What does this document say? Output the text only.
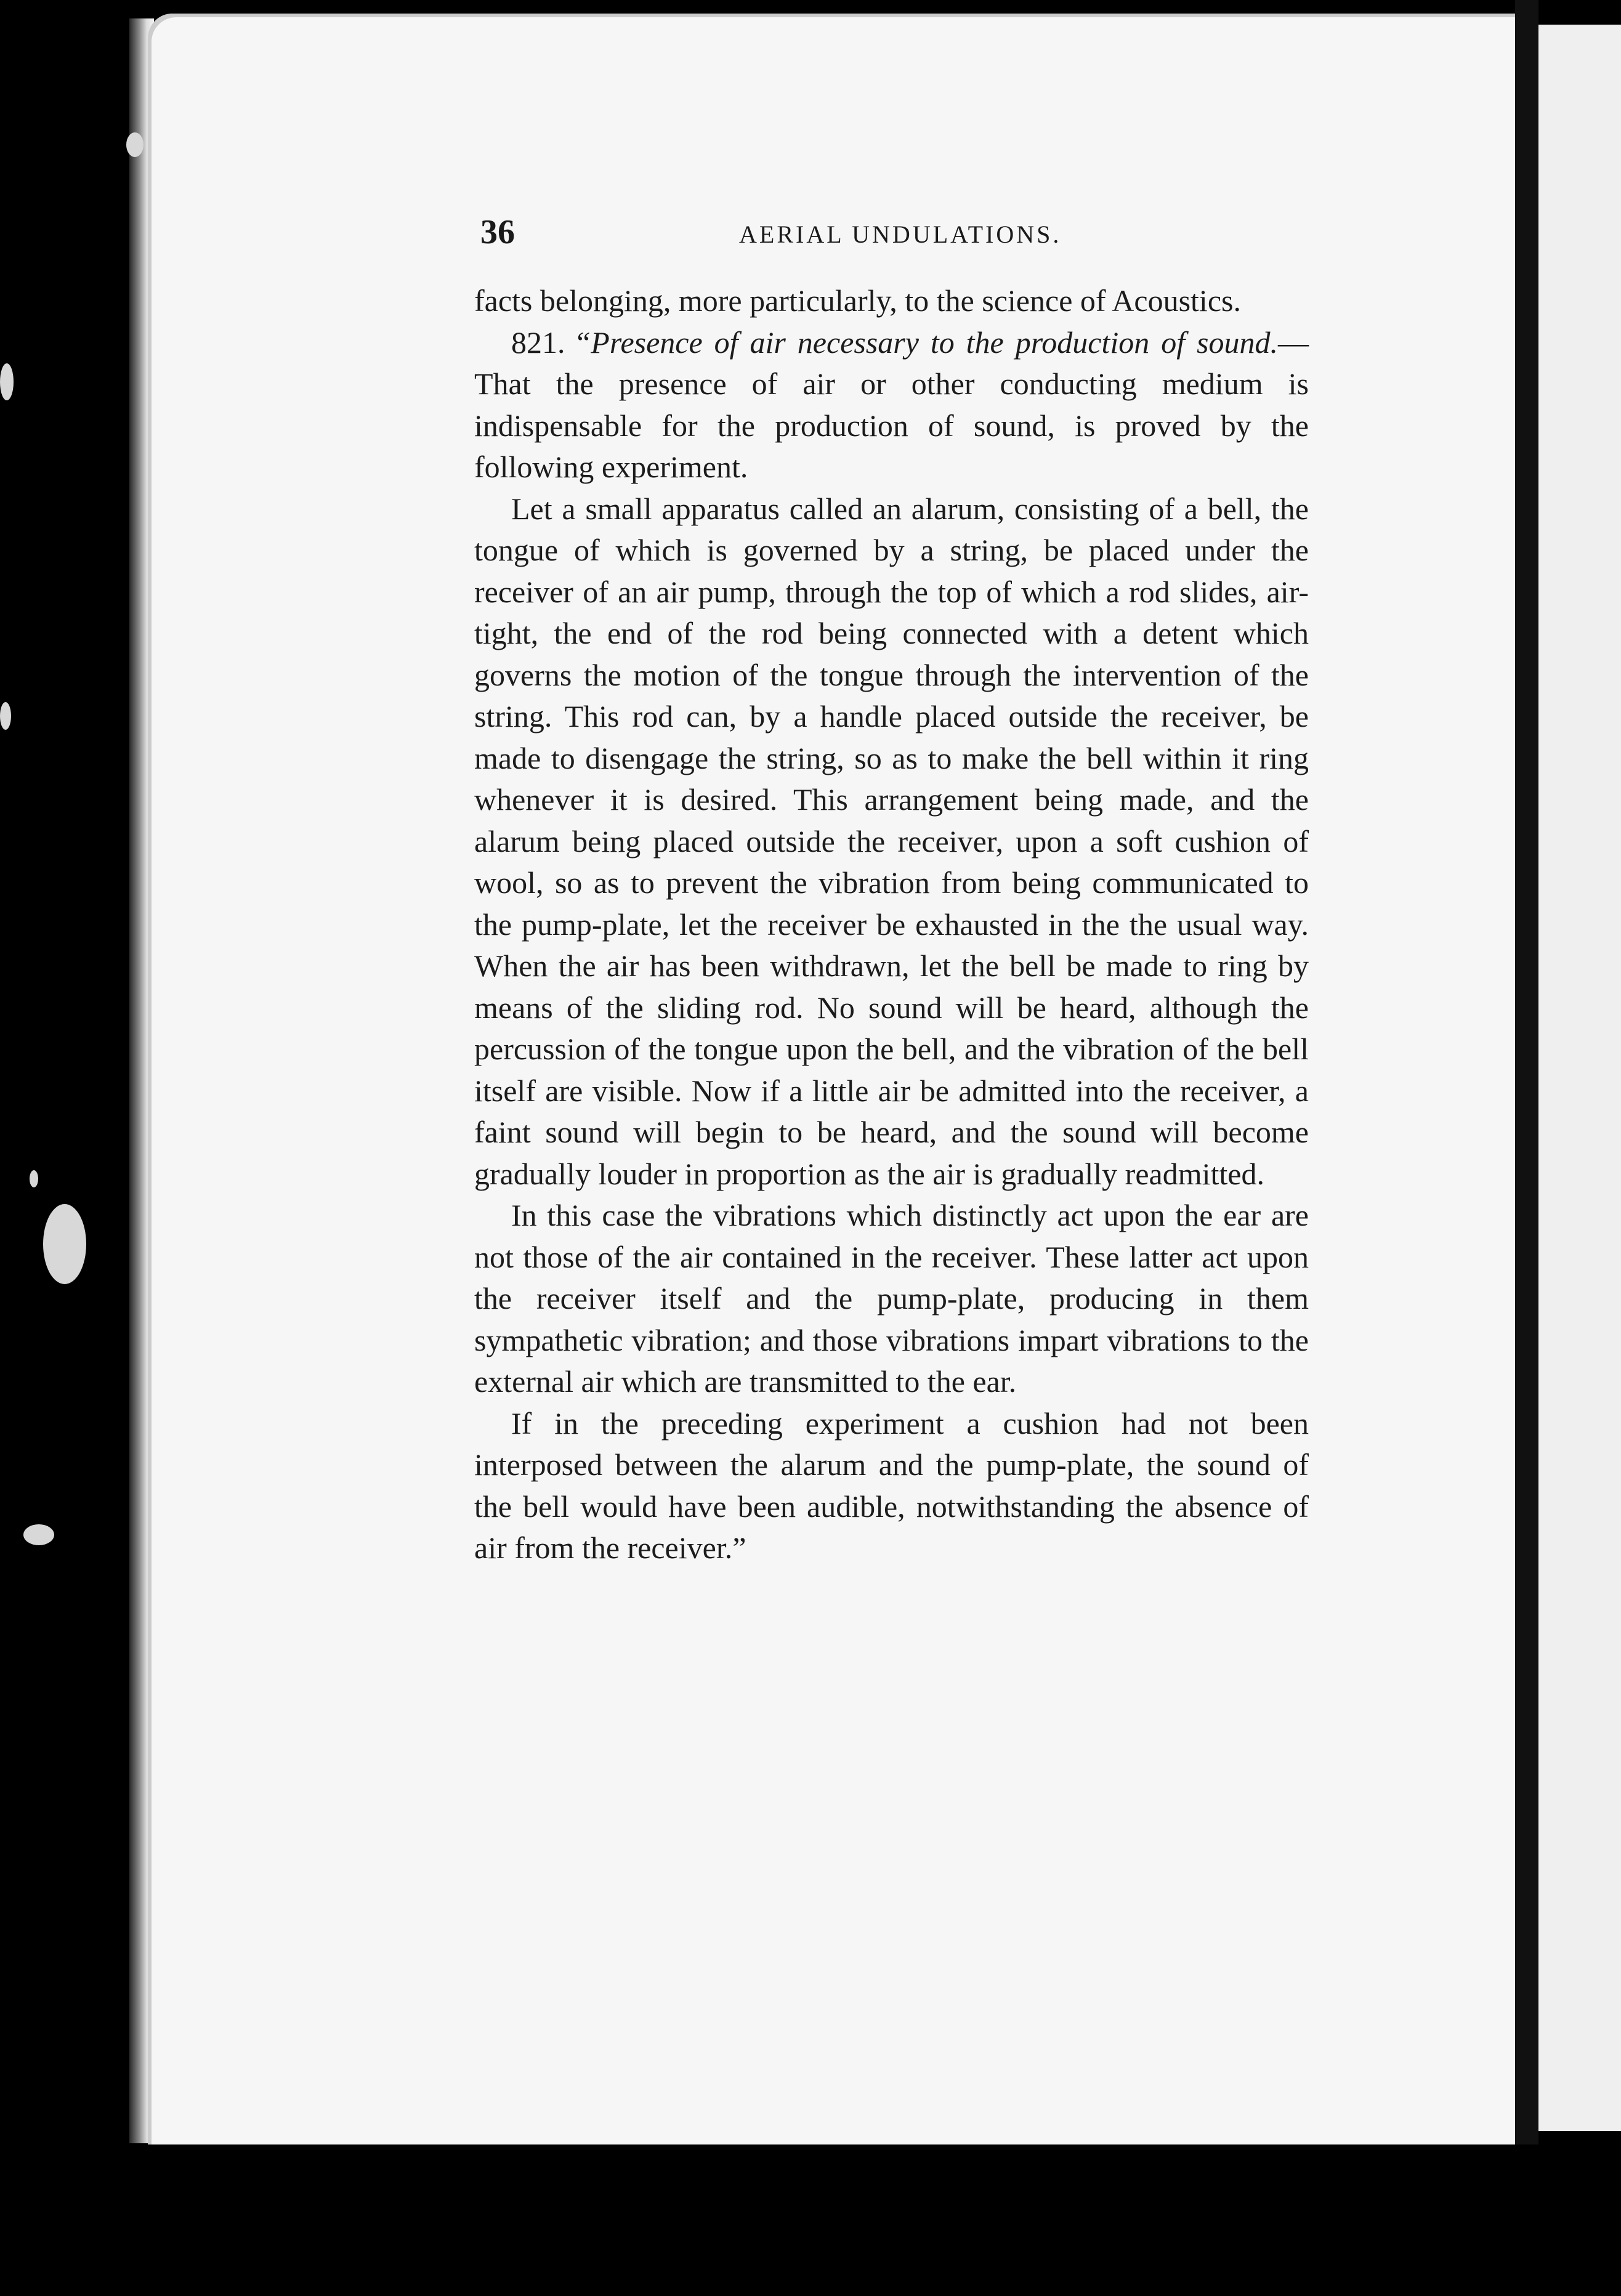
36	AERIAL UNDULATIONS.

facts belonging, more particularly, to the science of Acoustics.

821. “Presence of air necessary to the production of sound.—That the presence of air or other conducting medium is indispensable for the production of sound, is proved by the following experiment.

Let a small apparatus called an alarum, consisting of a bell, the tongue of which is governed by a string, be placed under the receiver of an air pump, through the top of which a rod slides, air-tight, the end of the rod being connected with a detent which governs the motion of the tongue through the intervention of the string. This rod can, by a handle placed outside the receiver, be made to disengage the string, so as to make the bell within it ring whenever it is desired. This arrangement being made, and the alarum being placed outside the receiver, upon a soft cushion of wool, so as to prevent the vibration from being communicated to the pump-plate, let the receiver be exhausted in the the usual way. When the air has been withdrawn, let the bell be made to ring by means of the sliding rod. No sound will be heard, although the percussion of the tongue upon the bell, and the vibration of the bell itself are visible. Now if a little air be admitted into the receiver, a faint sound will begin to be heard, and the sound will become gradually louder in proportion as the air is gradually readmitted.

In this case the vibrations which distinctly act upon the ear are not those of the air contained in the receiver. These latter act upon the receiver itself and the pump-plate, producing in them sympathetic vibration; and those vibrations impart vibrations to the external air which are transmitted to the ear.

If in the preceding experiment a cushion had not been interposed between the alarum and the pump-plate, the sound of the bell would have been audible, notwithstanding the absence of air from the receiver.”
